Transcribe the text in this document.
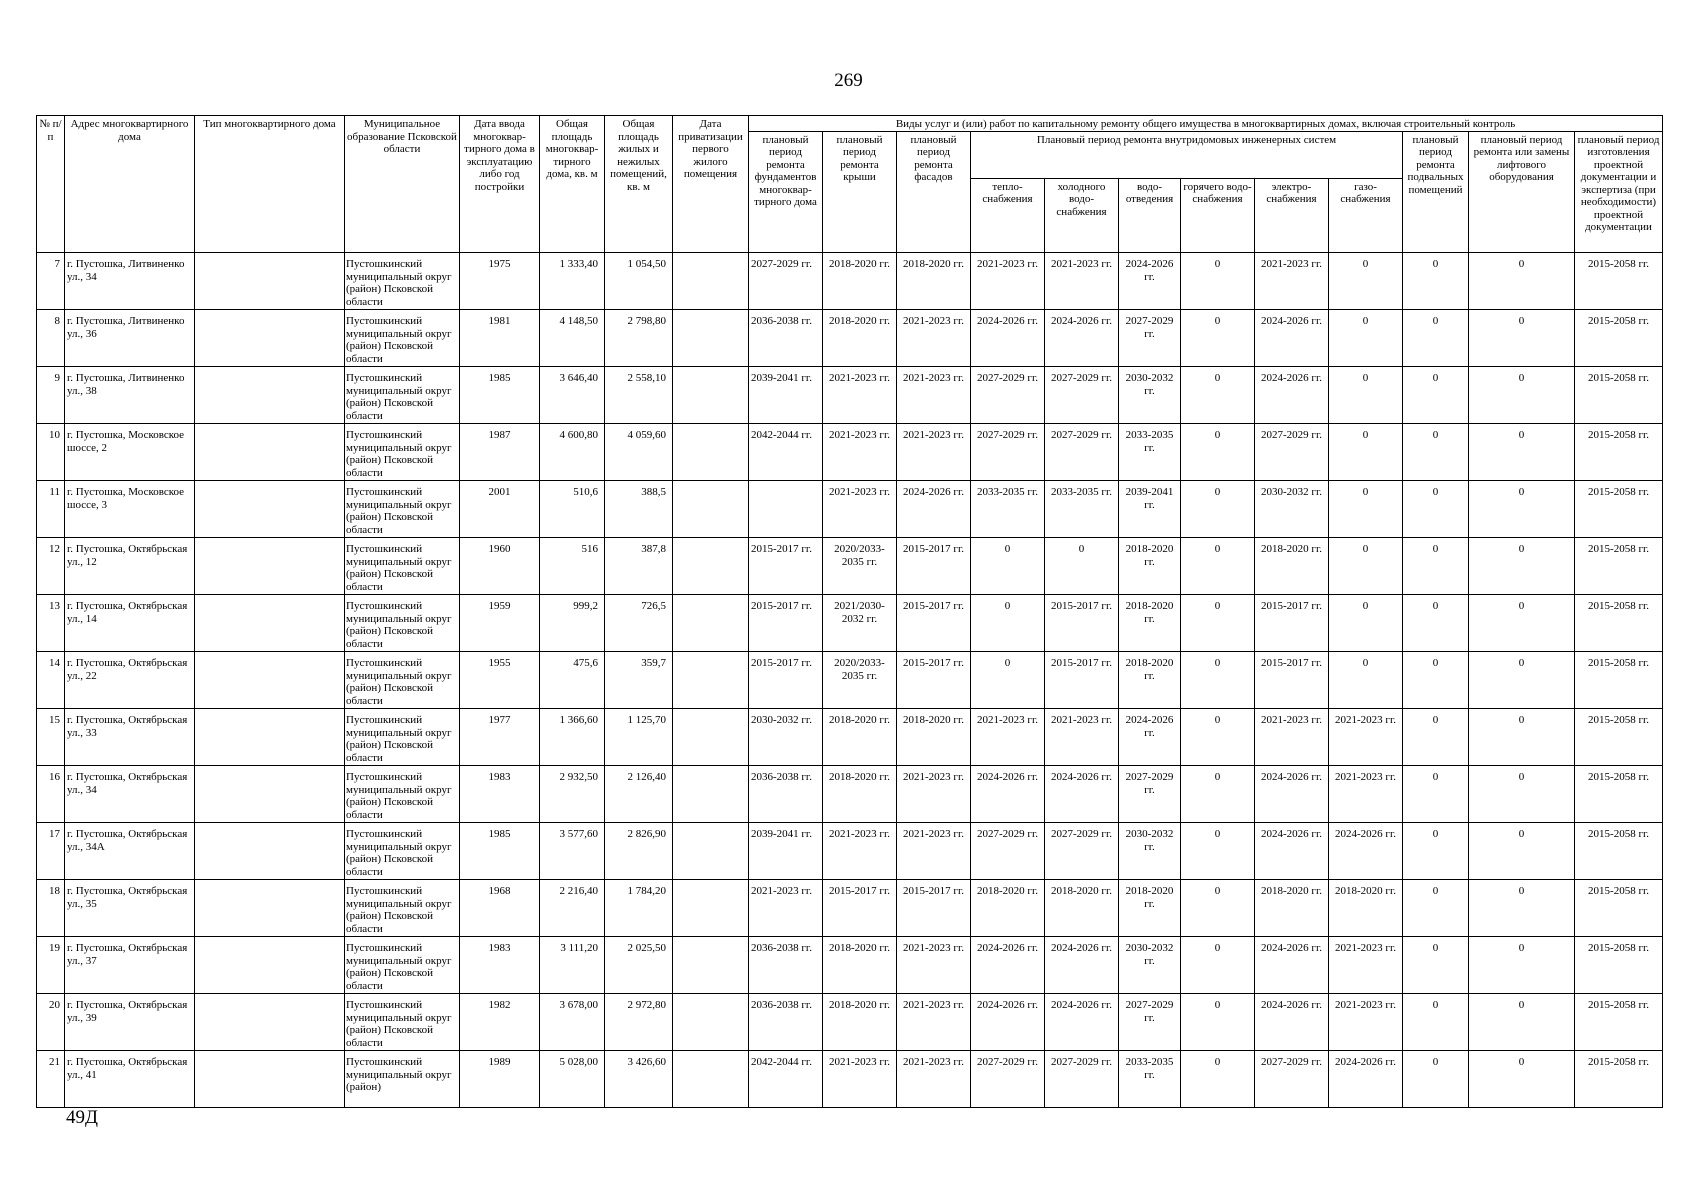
269
№ п/п	Адрес многоквартирного дома	Тип многоквартирного дома	Муниципальное образование Псковской области	Дата ввода многоквар-тирного дома в эксплуатацию либо год постройки	Общая площадь многоквар-тирного дома, кв. м	Общая площадь жилых и нежилых помещений, кв. м	Дата приватизации первого жилого помещения	Виды услуг и (или) работ по капитальному ремонту общего имущества в многоквартирных домах, включая строительный контроль											
								плановый период ремонта фундаментов многоквар-тирного дома	плановый период ремонта крыши	плановый период ремонта фасадов	Плановый период ремонта внутридомовых инженерных систем						плановый период ремонта подвальных помещений	плановый период ремонта или замены лифтового оборудования	плановый период изготовления проектной документации и экспертиза (при необходимости) проектной документации
											тепло-снабжения	холодного водо-снабжения	водо-отведения	горячего водо-снабжения	электро-снабжения	газо-снабжения			
7	г. Пустошка, Литвиненко ул., 34		Пустошкинский муниципальный округ (район) Псковской области	1975	1 333,40	1 054,50		2027-2029 гг.	2018-2020 гг.	2018-2020 гг.	2021-2023 гг.	2021-2023 гг.	2024-2026 гг.	0	2021-2023 гг.	0	0	0	2015-2058 гг.
8	г. Пустошка, Литвиненко ул., 36		Пустошкинский муниципальный округ (район) Псковской области	1981	4 148,50	2 798,80		2036-2038 гг.	2018-2020 гг.	2021-2023 гг.	2024-2026 гг.	2024-2026 гг.	2027-2029 гг.	0	2024-2026 гг.	0	0	0	2015-2058 гг.
9	г. Пустошка, Литвиненко ул., 38		Пустошкинский муниципальный округ (район) Псковской области	1985	3 646,40	2 558,10		2039-2041 гг.	2021-2023 гг.	2021-2023 гг.	2027-2029 гг.	2027-2029 гг.	2030-2032 гг.	0	2024-2026 гг.	0	0	0	2015-2058 гг.
10	г. Пустошка, Московское шоссе, 2		Пустошкинский муниципальный округ (район) Псковской области	1987	4 600,80	4 059,60		2042-2044 гг.	2021-2023 гг.	2021-2023 гг.	2027-2029 гг.	2027-2029 гг.	2033-2035 гг.	0	2027-2029 гг.	0	0	0	2015-2058 гг.
11	г. Пустошка, Московское шоссе, 3		Пустошкинский муниципальный округ (район) Псковской области	2001	510,6	388,5			2021-2023 гг.	2024-2026 гг.	2033-2035 гг.	2033-2035 гг.	2039-2041 гг.	0	2030-2032 гг.	0	0	0	2015-2058 гг.
12	г. Пустошка, Октябрьская ул., 12		Пустошкинский муниципальный округ (район) Псковской области	1960	516	387,8		2015-2017 гг.	2020/2033-2035 гг.	2015-2017 гг.	0	0	2018-2020 гг.	0	2018-2020 гг.	0	0	0	2015-2058 гг.
13	г. Пустошка, Октябрьская ул., 14		Пустошкинский муниципальный округ (район) Псковской области	1959	999,2	726,5		2015-2017 гг.	2021/2030-2032 гг.	2015-2017 гг.	0	2015-2017 гг.	2018-2020 гг.	0	2015-2017 гг.	0	0	0	2015-2058 гг.
14	г. Пустошка, Октябрьская ул., 22		Пустошкинский муниципальный округ (район) Псковской области	1955	475,6	359,7		2015-2017 гг.	2020/2033-2035 гг.	2015-2017 гг.	0	2015-2017 гг.	2018-2020 гг.	0	2015-2017 гг.	0	0	0	2015-2058 гг.
15	г. Пустошка, Октябрьская ул., 33		Пустошкинский муниципальный округ (район) Псковской области	1977	1 366,60	1 125,70		2030-2032 гг.	2018-2020 гг.	2018-2020 гг.	2021-2023 гг.	2021-2023 гг.	2024-2026 гг.	0	2021-2023 гг.	2021-2023 гг.	0	0	2015-2058 гг.
16	г. Пустошка, Октябрьская ул., 34		Пустошкинский муниципальный округ (район) Псковской области	1983	2 932,50	2 126,40		2036-2038 гг.	2018-2020 гг.	2021-2023 гг.	2024-2026 гг.	2024-2026 гг.	2027-2029 гг.	0	2024-2026 гг.	2021-2023 гг.	0	0	2015-2058 гг.
17	г. Пустошка, Октябрьская ул., 34А		Пустошкинский муниципальный округ (район) Псковской области	1985	3 577,60	2 826,90		2039-2041 гг.	2021-2023 гг.	2021-2023 гг.	2027-2029 гг.	2027-2029 гг.	2030-2032 гг.	0	2024-2026 гг.	2024-2026 гг.	0	0	2015-2058 гг.
18	г. Пустошка, Октябрьская ул., 35		Пустошкинский муниципальный округ (район) Псковской области	1968	2 216,40	1 784,20		2021-2023 гг.	2015-2017 гг.	2015-2017 гг.	2018-2020 гг.	2018-2020 гг.	2018-2020 гг.	0	2018-2020 гг.	2018-2020 гг.	0	0	2015-2058 гг.
19	г. Пустошка, Октябрьская ул., 37		Пустошкинский муниципальный округ (район) Псковской области	1983	3 111,20	2 025,50		2036-2038 гг.	2018-2020 гг.	2021-2023 гг.	2024-2026 гг.	2024-2026 гг.	2030-2032 гг.	0	2024-2026 гг.	2021-2023 гг.	0	0	2015-2058 гг.
20	г. Пустошка, Октябрьская ул., 39		Пустошкинский муниципальный округ (район) Псковской области	1982	3 678,00	2 972,80		2036-2038 гг.	2018-2020 гг.	2021-2023 гг.	2024-2026 гг.	2024-2026 гг.	2027-2029 гг.	0	2024-2026 гг.	2021-2023 гг.	0	0	2015-2058 гг.
21	г. Пустошка, Октябрьская ул., 41		Пустошкинский муниципальный округ (район)	1989	5 028,00	3 426,60		2042-2044 гг.	2021-2023 гг.	2021-2023 гг.	2027-2029 гг.	2027-2029 гг.	2033-2035 гг.	0	2027-2029 гг.	2024-2026 гг.	0	0	2015-2058 гг.
49Д
